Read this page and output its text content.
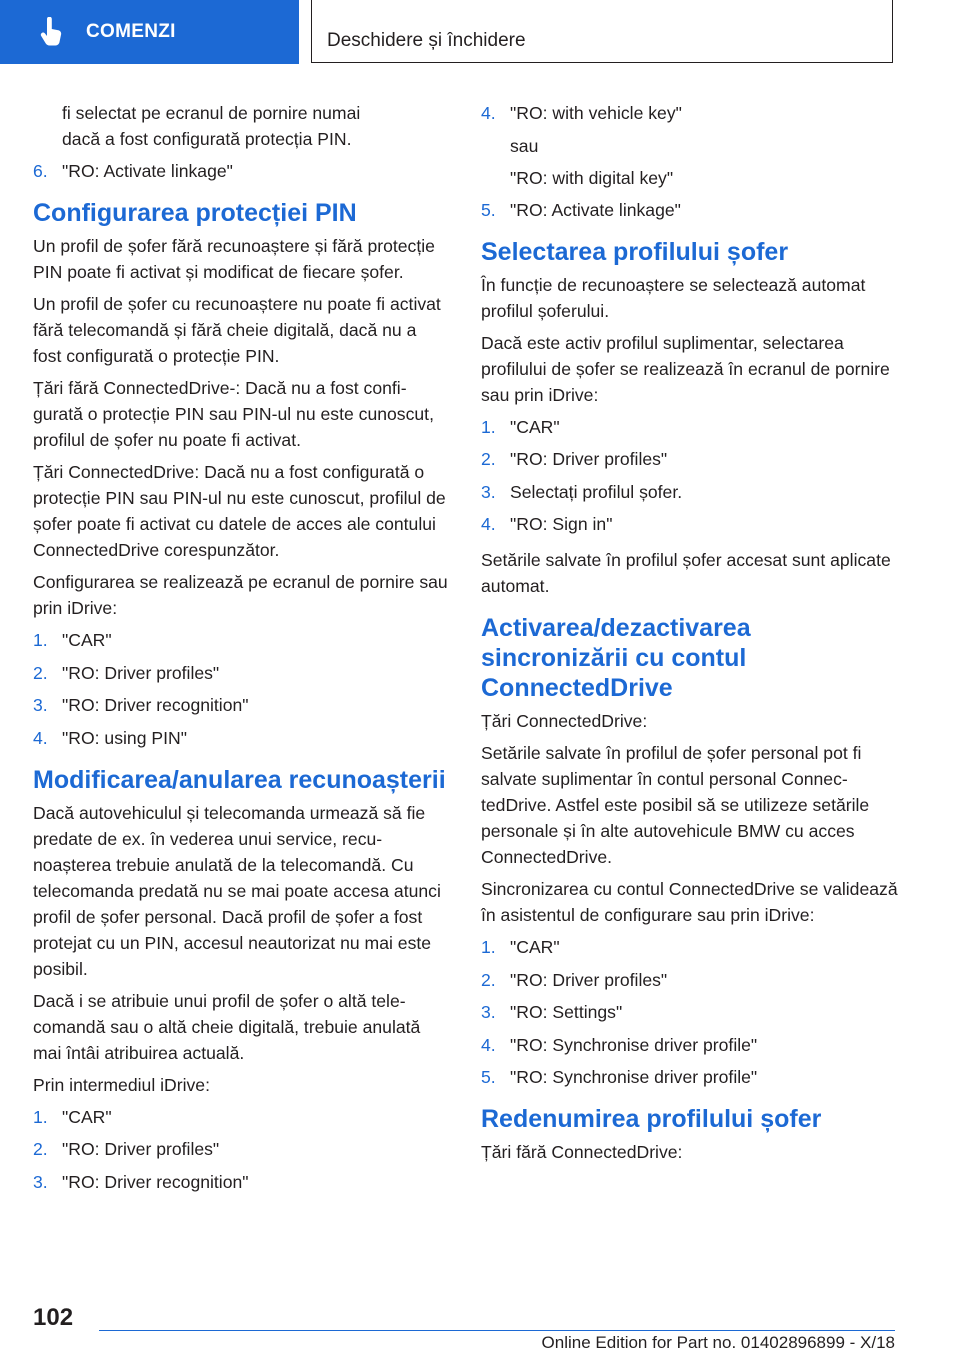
COMENZI	Deschidere și închidere
fi selectat pe ecranul de pornire numai
dacă a fost configurată protecția PIN.
6. "RO: Activate linkage"
Configurarea protecției PIN

Un profil de șofer fără recunoaștere și fără protecție PIN poate fi activat și modificat de fiecare șofer.

Un profil de șofer cu recunoaștere nu poate fi activat fără telecomandă și fără cheie digitală, dacă nu a fost configurată o protecție PIN.

Țări fără ConnectedDrive-: Dacă nu a fost configurată o protecție PIN sau PIN-ul nu este cunoscut, profilul de șofer nu poate fi activat.

Țări ConnectedDrive: Dacă nu a fost configurată o protecție PIN sau PIN-ul nu este cunoscut, profilul de șofer poate fi activat cu datele de acces ale contului ConnectedDrive corespunzător.

Configurarea se realizează pe ecranul de pornire sau prin iDrive:

1. "CAR"
2. "RO: Driver profiles"
3. "RO: Driver recognition"
4. "RO: using PIN"
Modificarea/anularea recunoașterii

Dacă autovehiculul și telecomanda urmează să fie predate de ex. în vederea unui service, recunoașterea trebuie anulată de la telecomandă. Cu telecomanda predată nu se mai poate accesa atunci profil de șofer personal. Dacă profil de șofer a fost protejat cu un PIN, accesul neautorizat nu mai este posibil.

Dacă i se atribuie unui profil de șofer o altă telecomandă sau o altă cheie digitală, trebuie anulată mai întâi atribuirea actuală.

Prin intermediul iDrive:

1. "CAR"
2. "RO: Driver profiles"
3. "RO: Driver recognition"
4. "RO: with vehicle key"
sau
"RO: with digital key"
5. "RO: Activate linkage"
Selectarea profilului șofer

În funcție de recunoaștere se selectează automat profilul șoferului.

Dacă este activ profilul suplimentar, selectarea profilului de șofer se realizează în ecranul de pornire sau prin iDrive:

1. "CAR"
2. "RO: Driver profiles"
3. Selectați profilul șofer.
4. "RO: Sign in"

Setările salvate în profilul șofer accesat sunt aplicate automat.

Activarea/dezactivarea sincronizării cu contul ConnectedDrive

Țări ConnectedDrive:

Setările salvate în profilul de șofer personal pot fi salvate suplimentar în contul personal ConnectedDrive. Astfel este posibil să se utilizeze setările personale și în alte autovehicule BMW cu acces ConnectedDrive.

Sincronizarea cu contul ConnectedDrive se validează în asistentul de configurare sau prin iDrive:

1. "CAR"
2. "RO: Driver profiles"
3. "RO: Settings"
4. "RO: Synchronise driver profile"
5. "RO: Synchronise driver profile"
Redenumirea profilului șofer

Țări fără ConnectedDrive:

102
Online Edition for Part no. 01402896899 - X/18
